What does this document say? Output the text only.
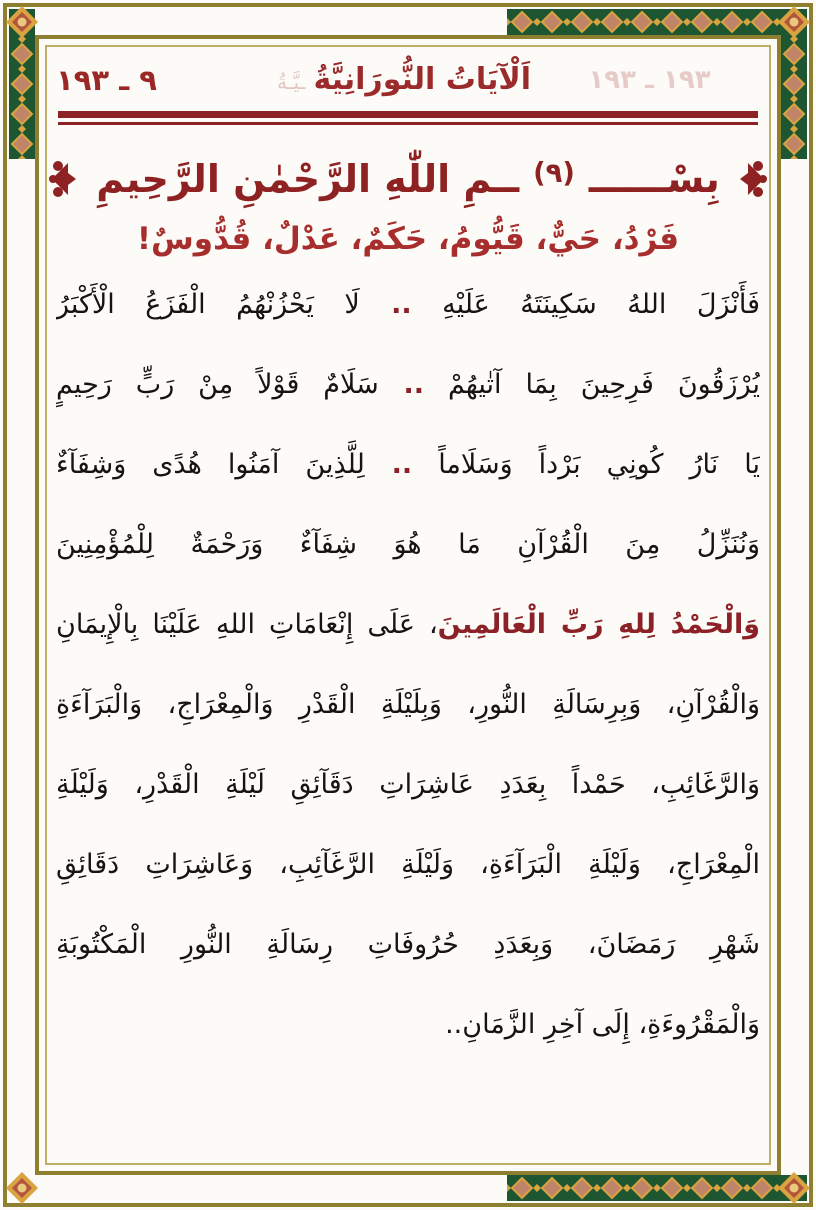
١٩٣ ـ ١٩٣
اَلْآيَاتُ النُّورَانِيَّةُـيَّـةُ
٩ ـ ١٩٣
بِسْــــــ
(٩)
ــمِ اللّٰهِ الرَّحْمٰنِ الرَّحِيمِ
فَرْدُ، حَيٌّ، قَيُّومُ، حَكَمٌ، عَدْلٌ، قُدُّوسٌ!
فَأَنْزَلَ اللهُ سَكِينَتَهُ عَلَيْهِ .. لَا يَحْزُنْهُمُ الْفَزَعُ الْأَكْبَرُ
يُرْزَقُونَ فَرِحِينَ بِمَا آتٰيهُمْ .. سَلَامٌ قَوْلاً مِنْ رَبٍّ رَحِيمٍ
يَا نَارُ كُونِي بَرْداً وَسَلَاماً .. لِلَّذِينَ آمَنُوا هُدًى وَشِفَآءٌ
وَنُنَزِّلُ مِنَ الْقُرْآنِ مَا هُوَ شِفَآءٌ وَرَحْمَةٌ لِلْمُؤْمِنِينَ
وَالْحَمْدُ لِلهِ رَبِّ الْعَالَمِينَ، عَلَى إِنْعَامَاتِ اللهِ عَلَيْنَا بِالْإِيمَانِ
وَالْقُرْآنِ، وَبِرِسَالَةِ النُّورِ، وَبِلَيْلَةِ الْقَدْرِ وَالْمِعْرَاجِ، وَالْبَرَآءَةِ
وَالرَّغَائِبِ، حَمْداً بِعَدَدِ عَاشِرَاتِ دَقَآئِقِ لَيْلَةِ الْقَدْرِ، وَلَيْلَةِ
الْمِعْرَاجِ، وَلَيْلَةِ الْبَرَآءَةِ، وَلَيْلَةِ الرَّغَآئِبِ، وَعَاشِرَاتِ دَقَائِقِ
شَهْرِ رَمَضَانَ، وَبِعَدَدِ حُرُوفَاتِ رِسَالَةِ النُّورِ الْمَكْتُوبَةِ
وَالْمَقْرُوءَةِ، إِلَى آخِرِ الزَّمَانِ..
